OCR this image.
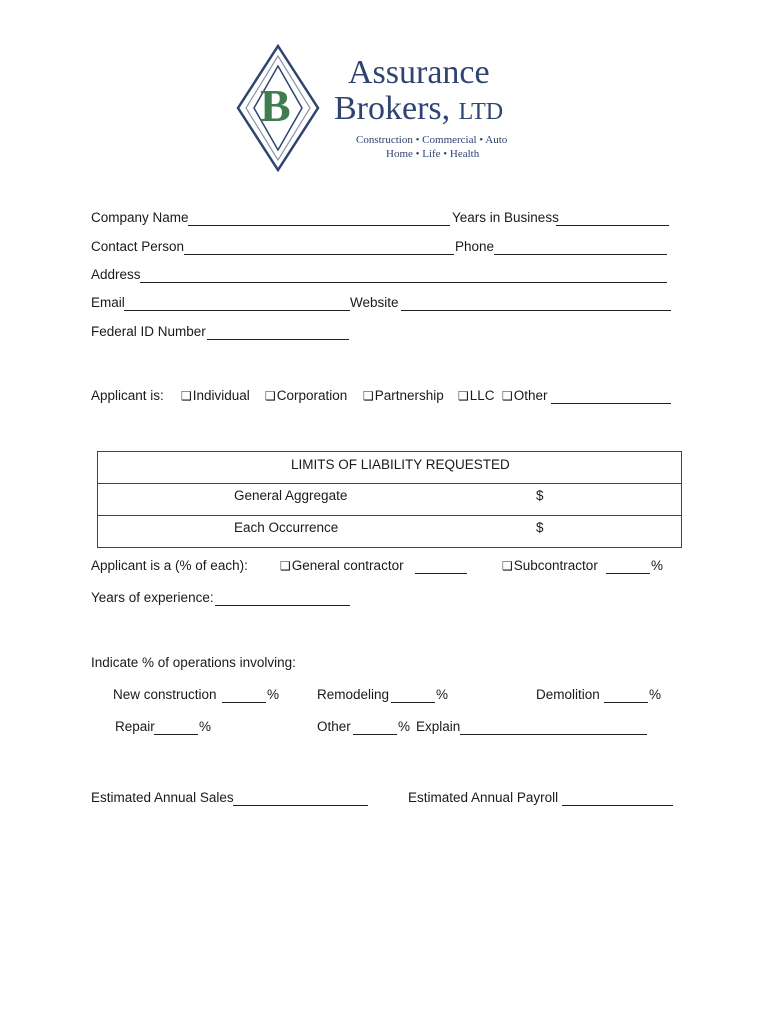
B
Assurance
Brokers, LTD
Construction • Commercial • Auto
Home • Life • Health
Company Name	Years in Business
Contact Person	Phone
Address
Email	Website
Federal ID Number
Applicant is: ❑Individual ❑Corporation ❑Partnership ❑LLC ❑Other
LIMITS OF LIABILITY REQUESTED
General Aggregate	$
Each Occurrence	$
Applicant is a (% of each):	❑General contractor	❑Subcontractor	%
Years of experience:
Indicate % of operations involving:
New construction	%	Remodeling	%	Demolition	%
Repair	%	Other	% Explain
Estimated Annual Sales	Estimated Annual Payroll
